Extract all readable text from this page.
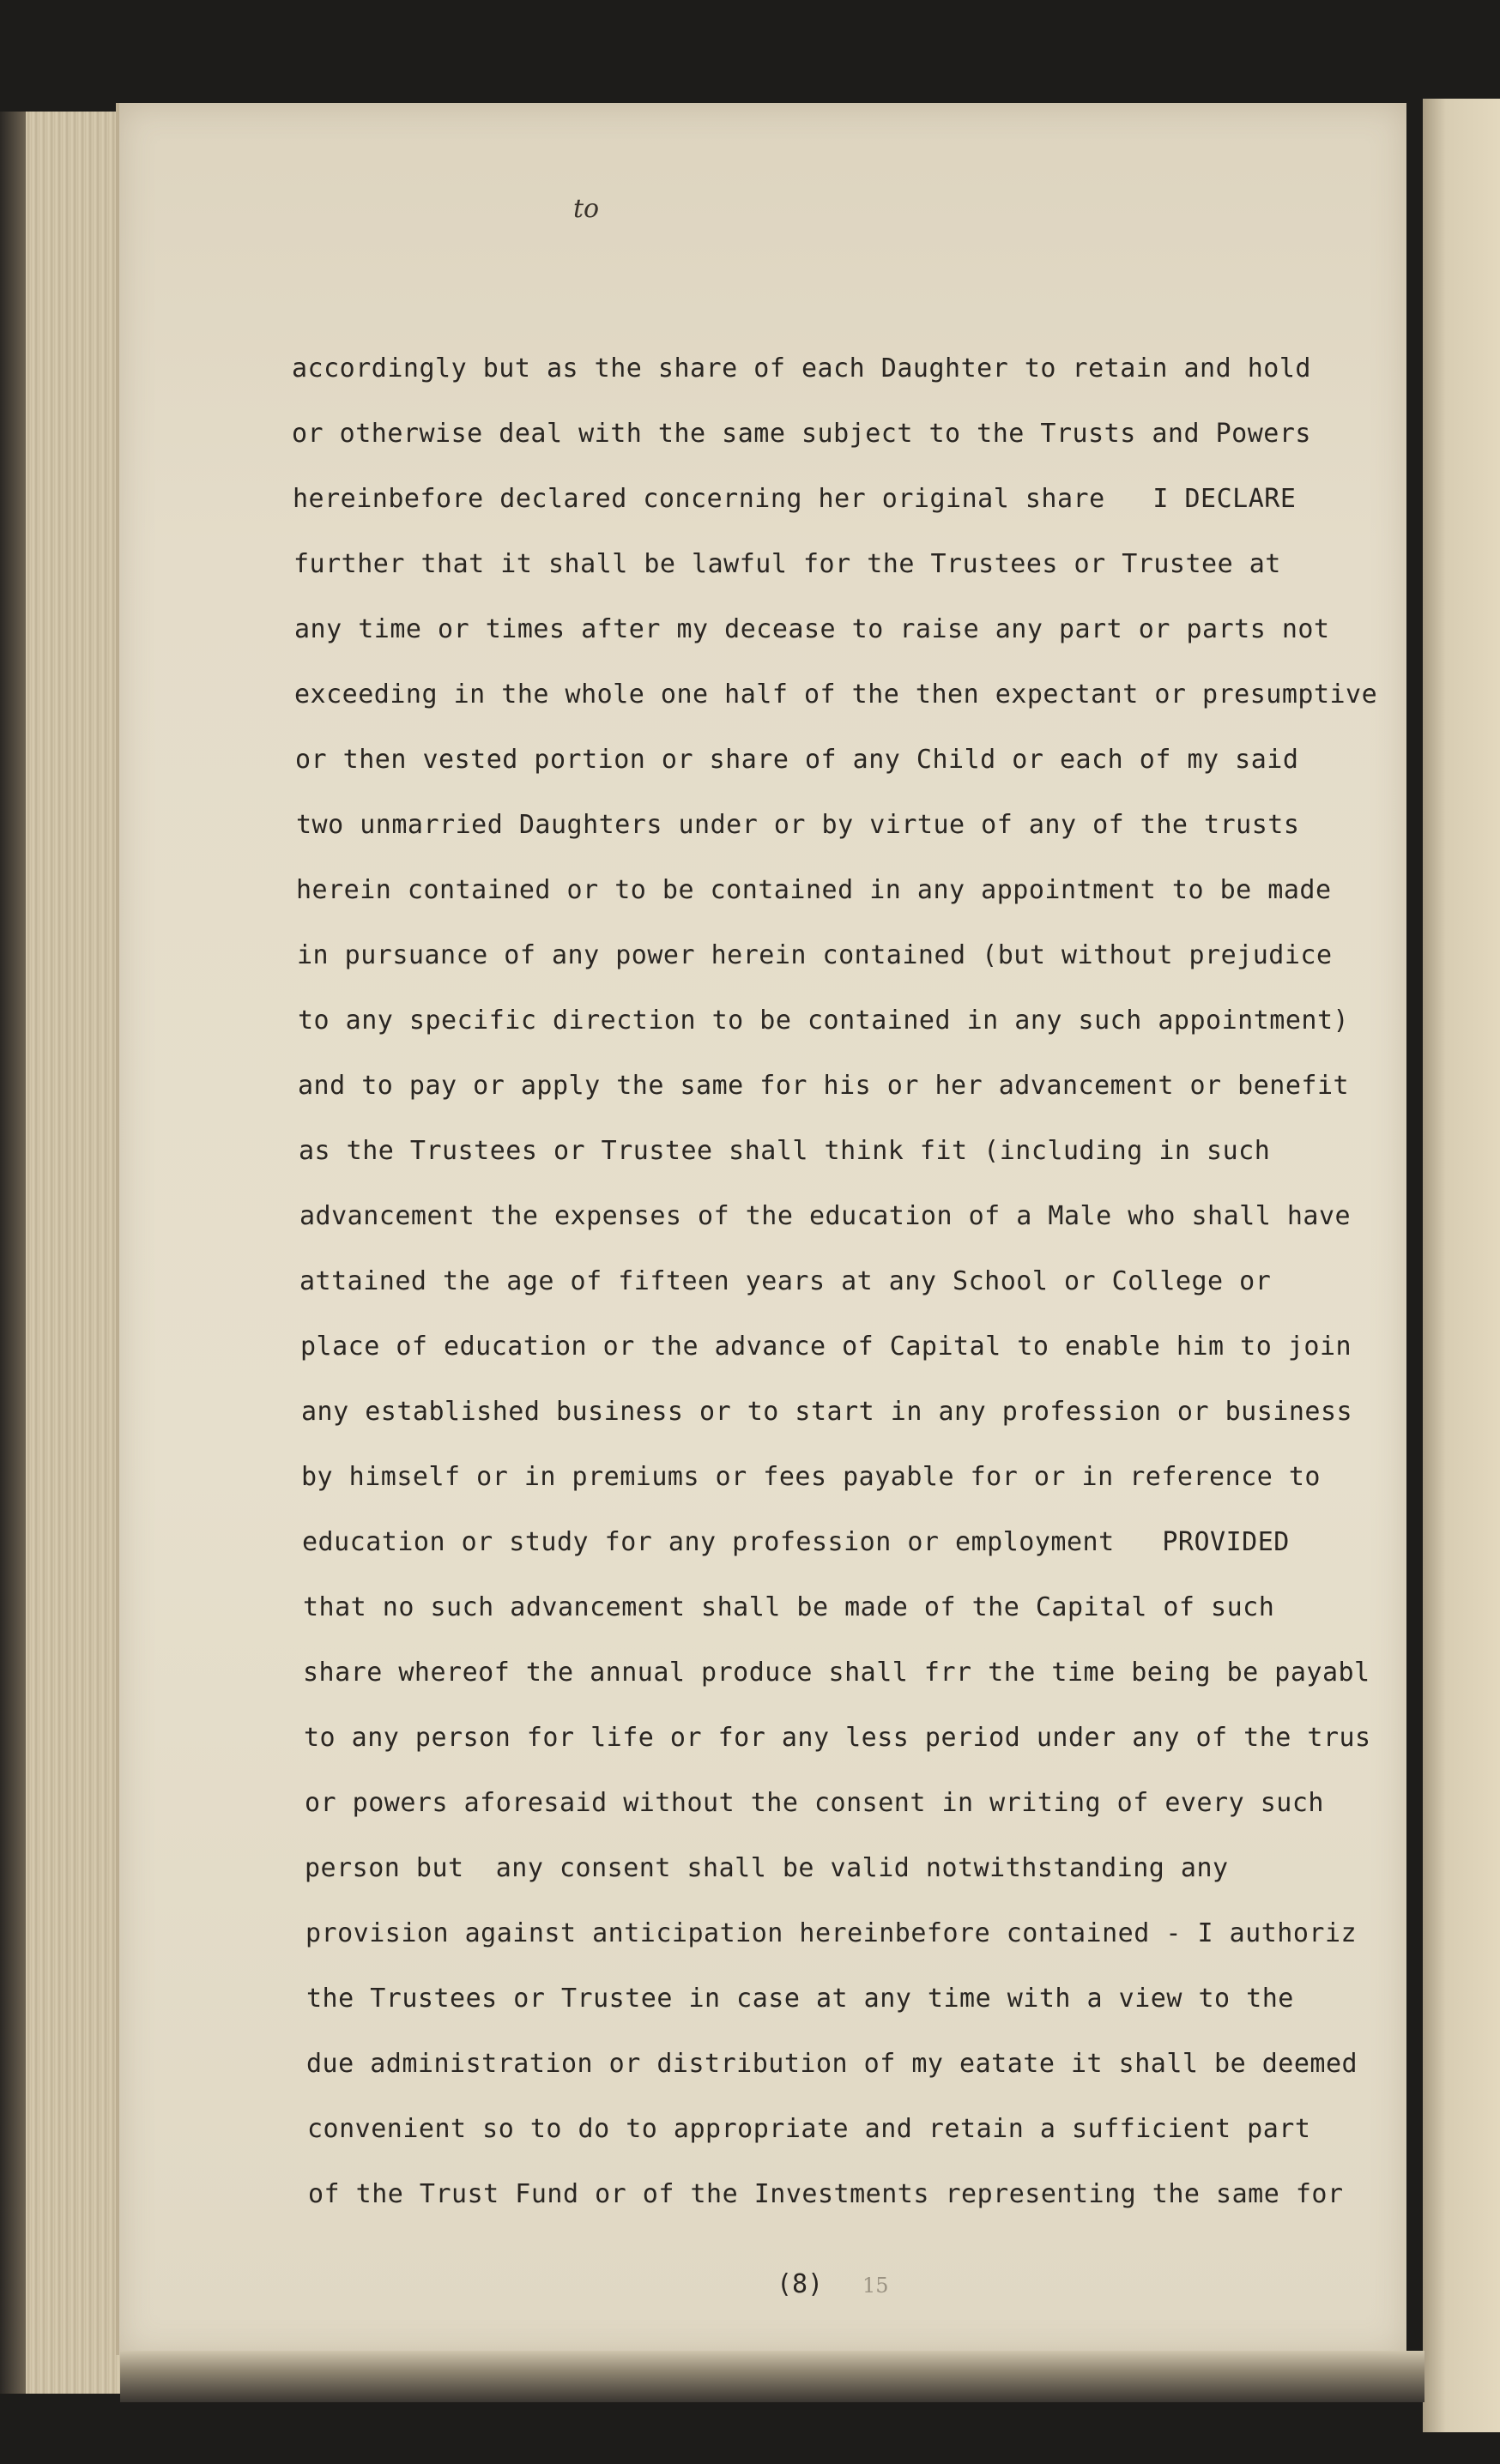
to
accordingly but as the share of each Daughter to retain and hold
or otherwise deal with the same subject to the Trusts and Powers
hereinbefore declared concerning her original share   I DECLARE
further that it shall be lawful for the Trustees or Trustee at
any time or times after my decease to raise any part or parts not
exceeding in the whole one half of the then expectant or presumptive
or then vested portion or share of any Child or each of my said
two unmarried Daughters under or by virtue of any of the trusts
herein contained or to be contained in any appointment to be made
in pursuance of any power herein contained (but without prejudice
to any specific direction to be contained in any such appointment)
and to pay or apply the same for his or her advancement or benefit
as the Trustees or Trustee shall think fit (including in such
advancement the expenses of the education of a Male who shall have
attained the age of fifteen years at any School or College or
place of education or the advance of Capital to enable him to join
any established business or to start in any profession or business
by himself or in premiums or fees payable for or in reference to
education or study for any profession or employment   PROVIDED
that no such advancement shall be made of the Capital of such
share whereof the annual produce shall frr the time being be payabl
to any person for life or for any less period under any of the trus
or powers aforesaid without the consent in writing of every such
person but  any consent shall be valid notwithstanding any
provision against anticipation hereinbefore contained - I authoriz
the Trustees or Trustee in case at any time with a view to the
due administration or distribution of my eatate it shall be deemed
convenient so to do to appropriate and retain a sufficient part
of the Trust Fund or of the Investments representing the same for
(8) 15
